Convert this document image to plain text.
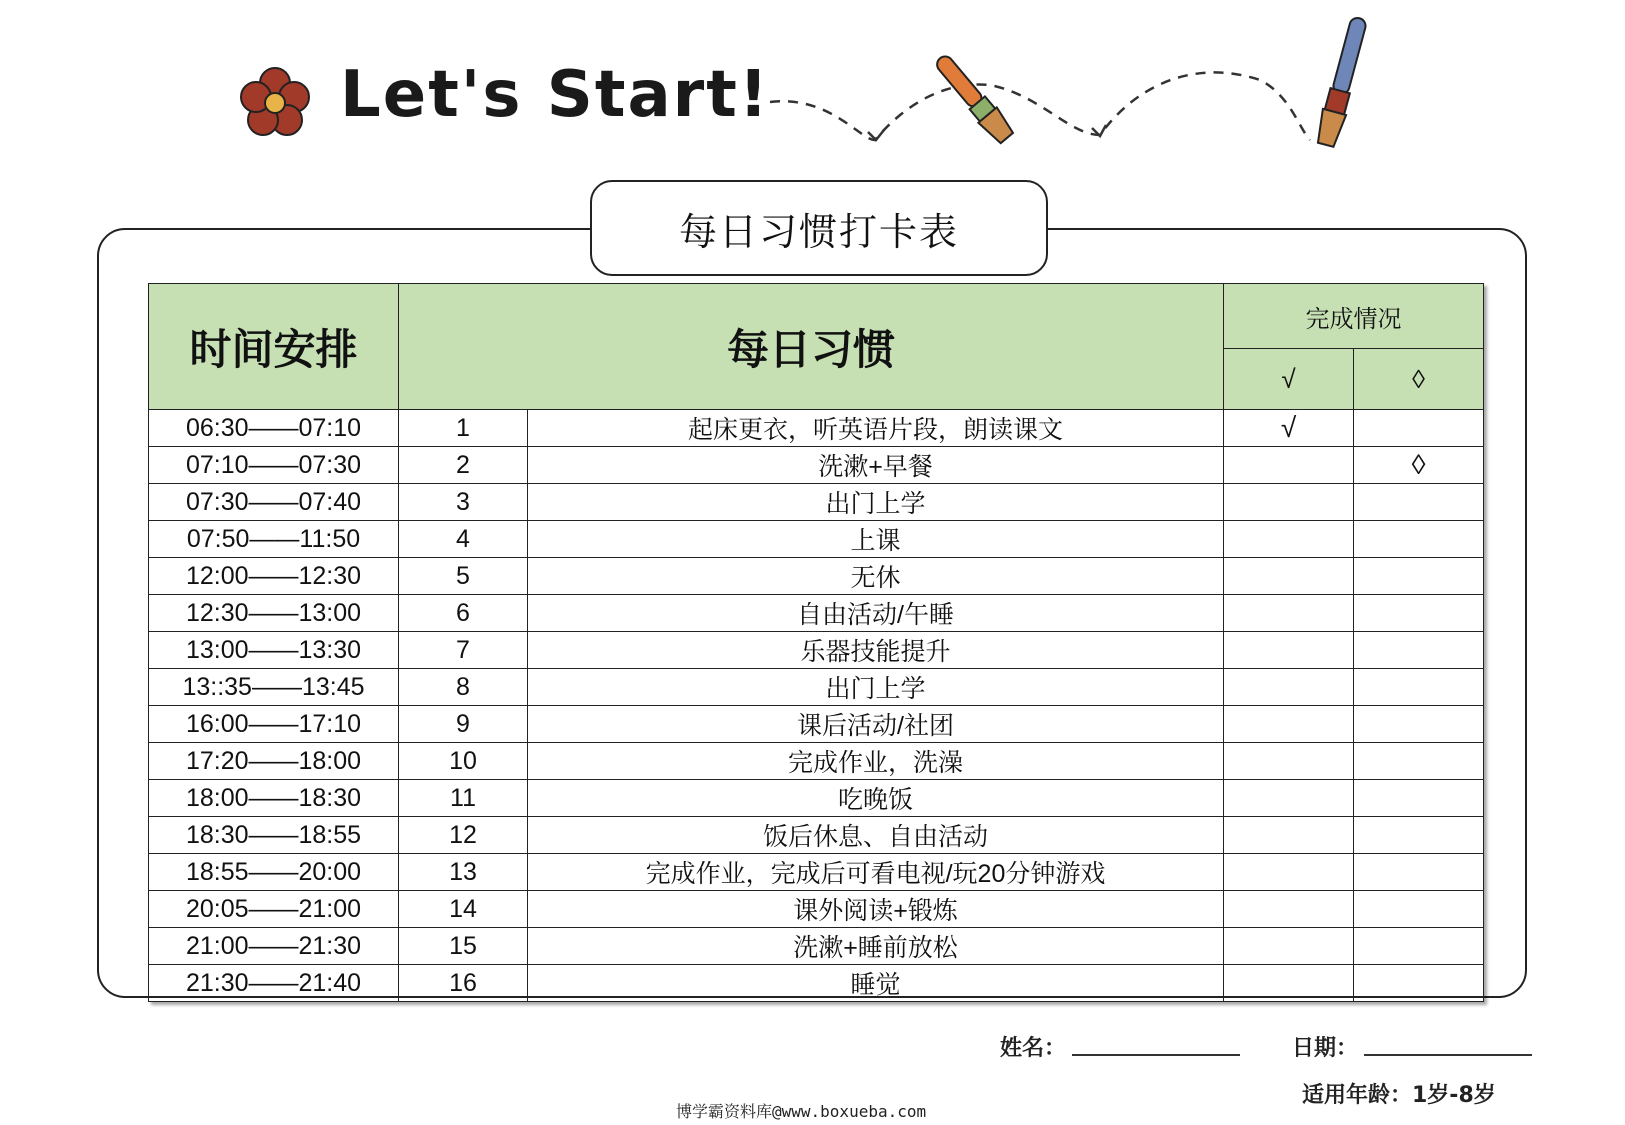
Let's Start!
每日习惯打卡表
时间安排	每日习惯		完成情况	
			√	◊
06:30——07:10	1	起床更衣，听英语片段，朗读课文	√	
07:10——07:30	2	洗漱+早餐		◊
07:30——07:40	3	出门上学		
07:50——11:50	4	上课		
12:00——12:30	5	无休		
12:30——13:00	6	自由活动/午睡		
13:00——13:30	7	乐器技能提升		
13::35——13:45	8	出门上学		
16:00——17:10	9	课后活动/社团		
17:20——18:00	10	完成作业，洗澡		
18:00——18:30	11	吃晚饭		
18:30——18:55	12	饭后休息、自由活动		
18:55——20:00	13	完成作业，完成后可看电视/玩20分钟游戏		
20:05——21:00	14	课外阅读+锻炼		
21:00——21:30	15	洗漱+睡前放松		
21:30——21:40	16	睡觉		
姓名：	日期：
适用年龄：1岁-8岁
博学霸资料库@www.boxueba.com
